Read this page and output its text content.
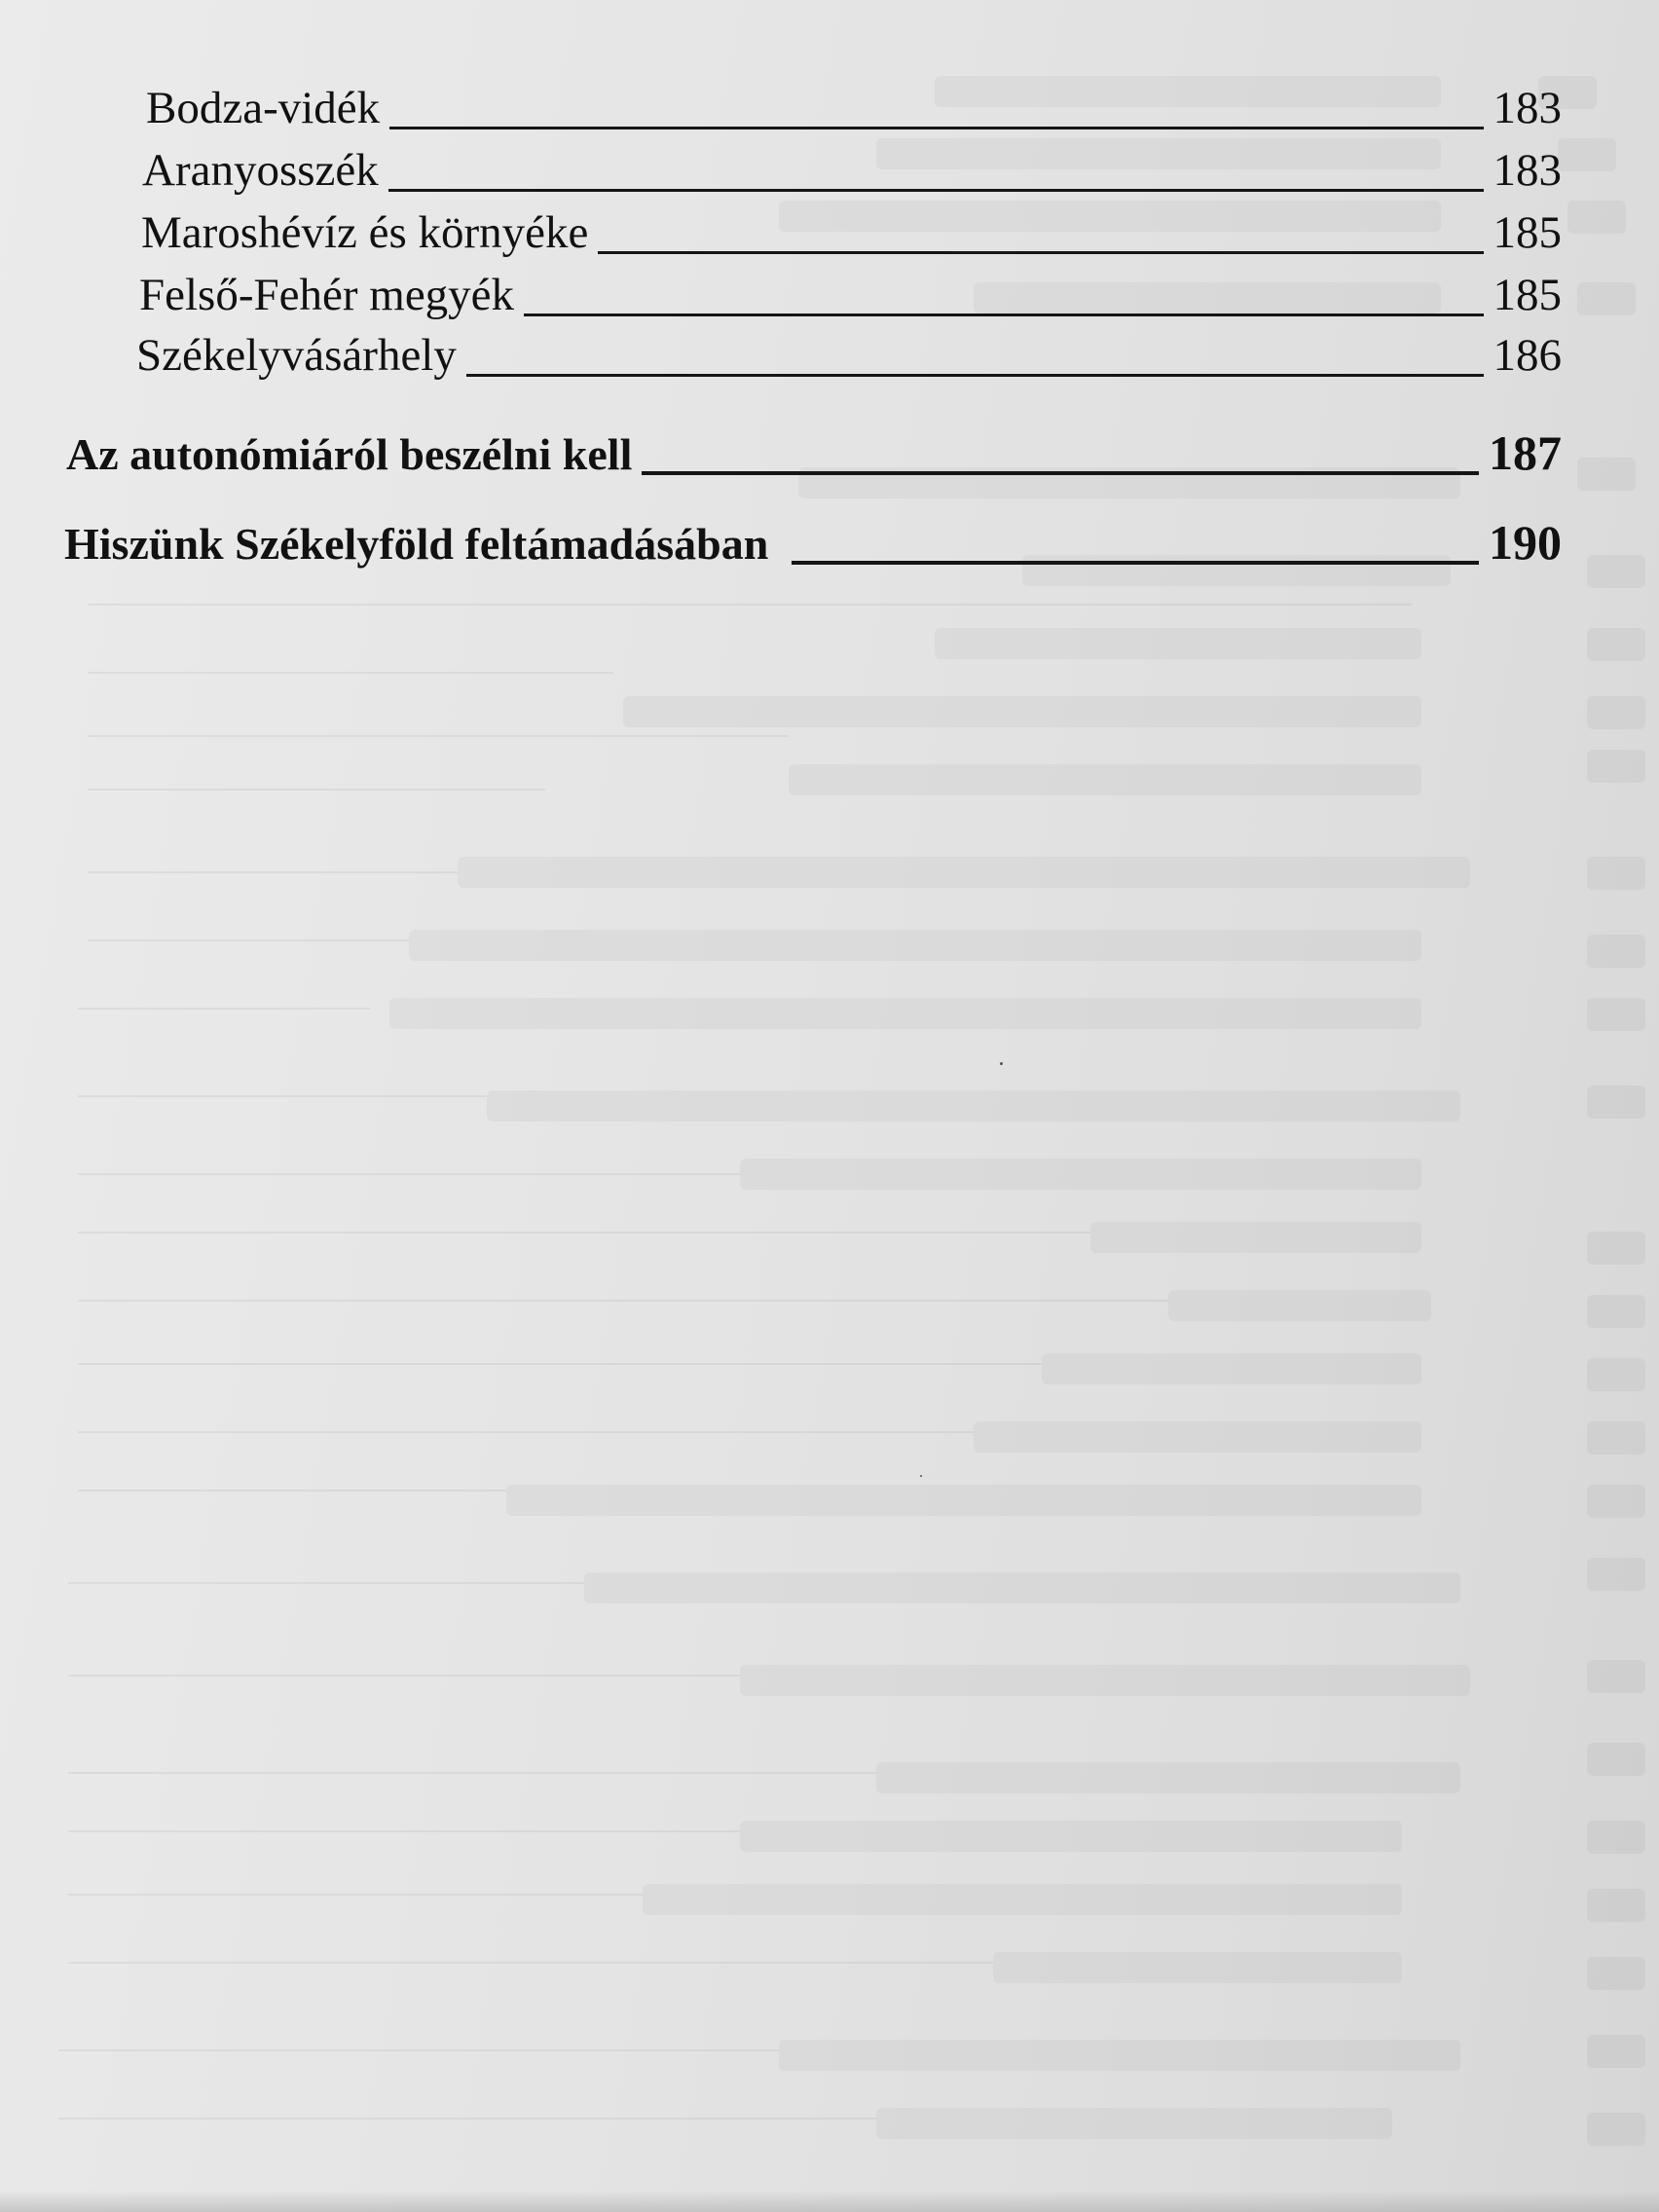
Bodza-vidék	183
Aranyosszék	183
Maroshévíz és környéke	185
Felső-Fehér megyék	185
Székelyvásárhely	186
Az autonómiáról beszélni kell	187
Hiszünk Székelyföld feltámadásában	190
